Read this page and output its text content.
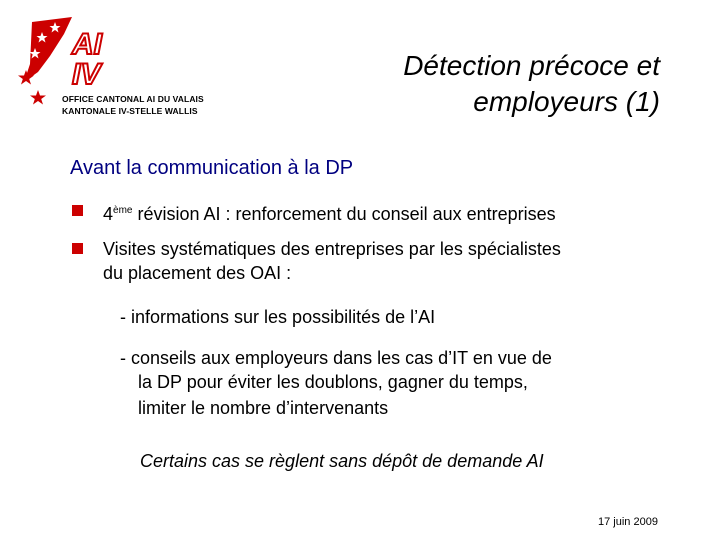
AI
IV
OFFICE CANTONAL AI DU VALAIS
KANTONALE IV-STELLE WALLIS
Détection précoce et
employeurs (1)
Avant la communication à la DP
4ème révision AI : renforcement du conseil aux entreprises
Visites systématiques des entreprises par les spécialistes
du placement des OAI :
- informations sur les possibilités de l’AI
- conseils aux employeurs dans les cas d’IT en vue de
la DP pour éviter les doublons, gagner du temps,
limiter le nombre d’intervenants
Certains cas se règlent sans dépôt de demande AI
17 juin 2009
